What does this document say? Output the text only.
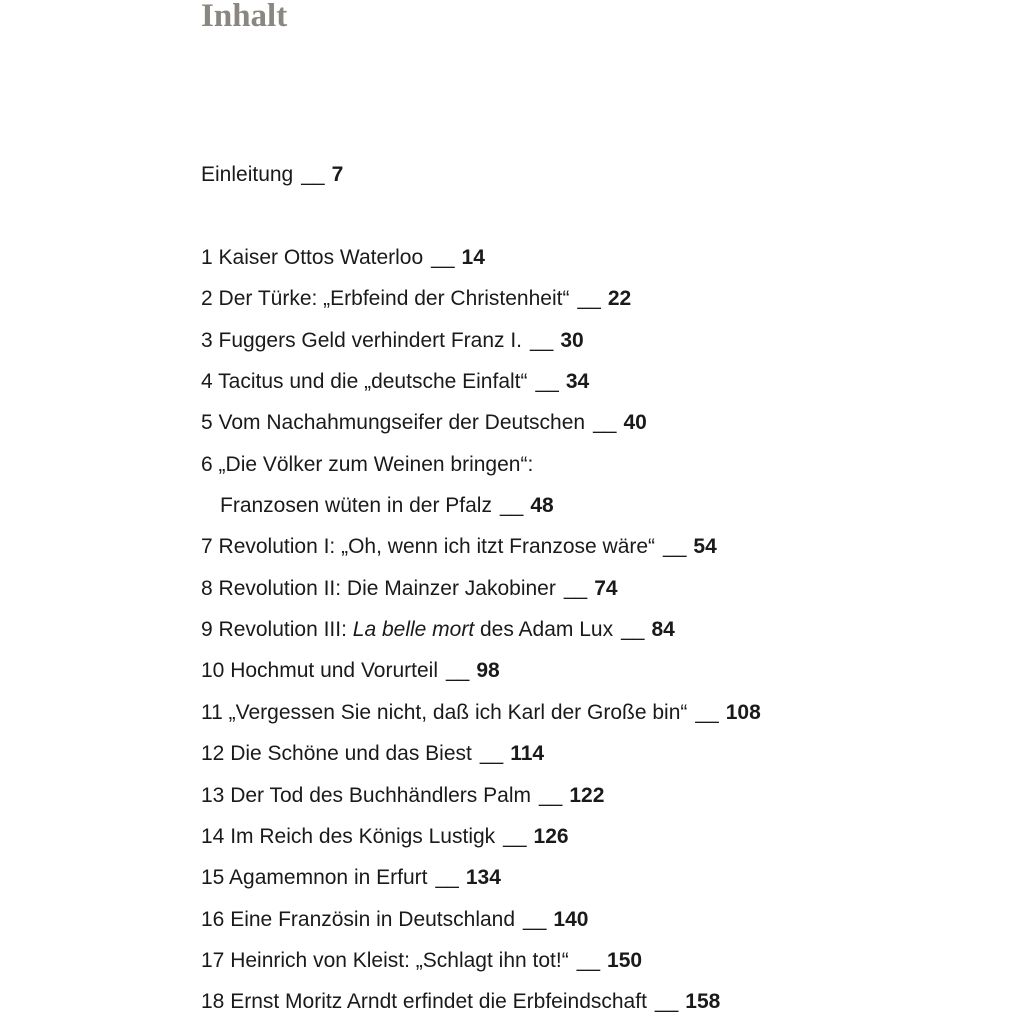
Inhalt
Einleitung __ 7
1 Kaiser Ottos Waterloo __ 14
2 Der Türke: „Erbfeind der Christenheit“ __ 22
3 Fuggers Geld verhindert Franz I. __ 30
4 Tacitus und die „deutsche Einfalt“ __ 34
5 Vom Nachahmungseifer der Deutschen __ 40
6 „Die Völker zum Weinen bringen“:
Franzosen wüten in der Pfalz __ 48
7 Revolution I: „Oh, wenn ich itzt Franzose wäre“ __ 54
8 Revolution II: Die Mainzer Jakobiner __ 74
9 Revolution III: La belle mort des Adam Lux __ 84
10 Hochmut und Vorurteil __ 98
11 „Vergessen Sie nicht, daß ich Karl der Große bin“ __ 108
12 Die Schöne und das Biest __ 114
13 Der Tod des Buchhändlers Palm __ 122
14 Im Reich des Königs Lustigk __ 126
15 Agamemnon in Erfurt __ 134
16 Eine Französin in Deutschland __ 140
17 Heinrich von Kleist: „Schlagt ihn tot!“ __ 150
18 Ernst Moritz Arndt erfindet die Erbfeindschaft __ 158
